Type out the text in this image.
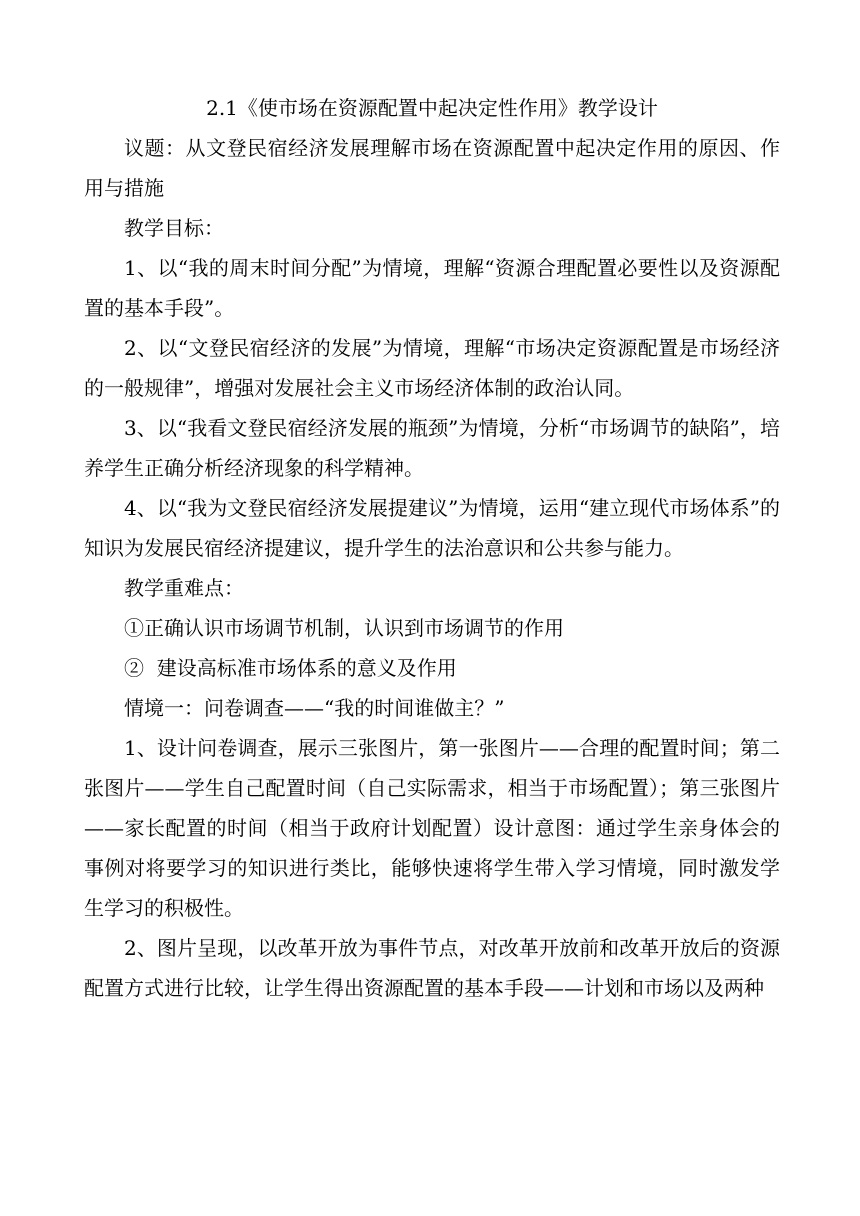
2.1《使市场在资源配置中起决定性作用》教学设计

议题：从文登民宿经济发展理解市场在资源配置中起决定作用的原因、作用与措施

教学目标：

1、以“我的周末时间分配”为情境，理解“资源合理配置必要性以及资源配置的基本手段”。

2、以“文登民宿经济的发展”为情境，理解“市场决定资源配置是市场经济的一般规律”，增强对发展社会主义市场经济体制的政治认同。

3、以“我看文登民宿经济发展的瓶颈”为情境，分析“市场调节的缺陷”，培养学生正确分析经济现象的科学精神。

4、以“我为文登民宿经济发展提建议”为情境，运用“建立现代市场体系”的知识为发展民宿经济提建议，提升学生的法治意识和公共参与能力。

教学重难点：

①正确认识市场调节机制，认识到市场调节的作用

②  建设高标准市场体系的意义及作用

情境一：问卷调查——“我的时间谁做主？”

1、设计问卷调查，展示三张图片，第一张图片——合理的配置时间；第二张图片——学生自己配置时间（自己实际需求，相当于市场配置）；第三张图片——家长配置的时间（相当于政府计划配置）设计意图：通过学生亲身体会的事例对将要学习的知识进行类比，能够快速将学生带入学习情境，同时激发学生学习的积极性。

2、图片呈现，以改革开放为事件节点，对改革开放前和改革开放后的资源配置方式进行比较，让学生得出资源配置的基本手段——计划和市场以及两种
